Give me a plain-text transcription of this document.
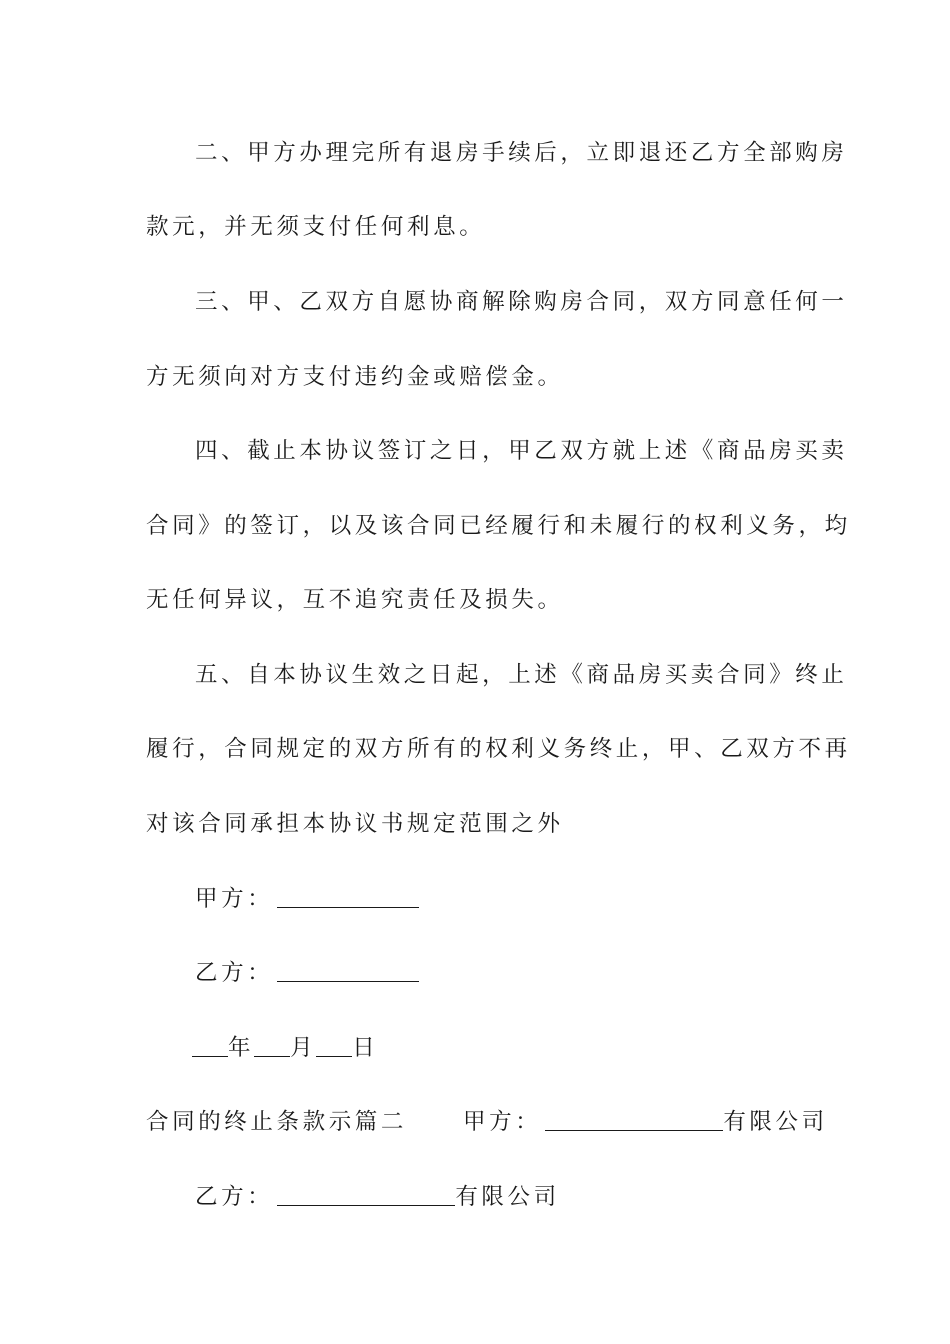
二、甲方办理完所有退房手续后，立即退还乙方全部购房
款元，并无须支付任何利息。
三、甲、乙双方自愿协商解除购房合同，双方同意任何一
方无须向对方支付违约金或赔偿金。
四、截止本协议签订之日，甲乙双方就上述《商品房买卖
合同》的签订，以及该合同已经履行和未履行的权利义务，均
无任何异议，互不追究责任及损失。
五、自本协议生效之日起，上述《商品房买卖合同》终止
履行，合同规定的双方所有的权利义务终止，甲、乙双方不再
对该合同承担本协议书规定范围之外
甲方：
乙方：
年 月 日
合同的终止条款示篇二 甲方：	有限公司
乙方：	有限公司
